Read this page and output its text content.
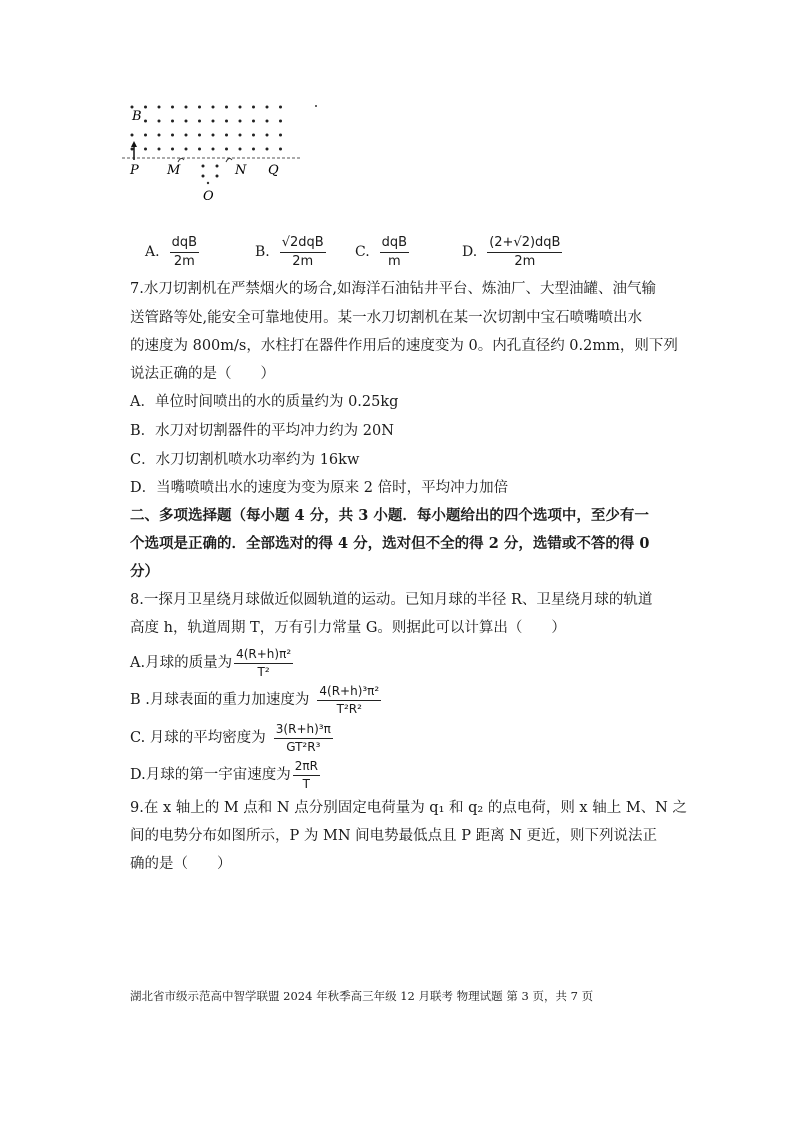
B
P M	N Q
O
A. $\frac{\text{dqB}}{2m}$	B. $\frac{\text{√2dqB}}{2m} C$. $\frac{\text{dqB}}{m}$	D. $\frac{\text{(2+√2)dqB}}{2m}$
7.水刀切割机在严禁烟火的场合,如海洋石油钻井平台、炼油厂、大型油罐、油气输
送管路等处,能安全可靠地使用。某一水刀切割机在某一次切割中宝石喷嘴喷出水
的速度为 800m/s，水柱打在器件作用后的速度变为 0。内孔直径约 0.2mm，则下列
说法正确的是（　　）
A．单位时间喷出的水的质量约为 0.25kg
B．水刀对切割器件的平均冲力约为 20N
C．水刀切割机喷水功率约为 16kw
D．当嘴喷喷出水的速度为变为原来 2 倍时，平均冲力加倍
二、多项选择题（每小题 4 分，共 3 小题．每小题给出的四个选项中，至少有一
个选项是正确的．全部选对的得 4 分，选对但不全的得 2 分，选错或不答的得 0
分）
8.一探月卫星绕月球做近似圆轨道的运动。已知月球的半径 R、卫星绕月球的轨道
高度 h，轨道周期 T，万有引力常量 G。则据此可以计算出（　　）
A.月球的质量为 $\frac{\text{4(R+h)π²}}{\text{T²}}$
B .月球表面的重力加速度为 $\frac{\text{4(R+h)³π²}}{\text{T²R²}}$
C. 月球的平均密度为 $\frac{\text{3(R+h)³π}}{\text{GT²R³}}$
D.月球的第一宇宙速度为 $\frac{2\pi R}{T}$
9.在 x 轴上的 M 点和 N 点分别固定电荷量为 q₁ 和 q₂ 的点电荷，则 x 轴上 M、N 之
间的电势分布如图所示，P 为 MN 间电势最低点且 P 距离 N 更近，则下列说法正
确的是（　　）
湖北省市级示范高中智学联盟 2024 年秋季高三年级 12 月联考 物理试题 第 3 页，共 7 页
